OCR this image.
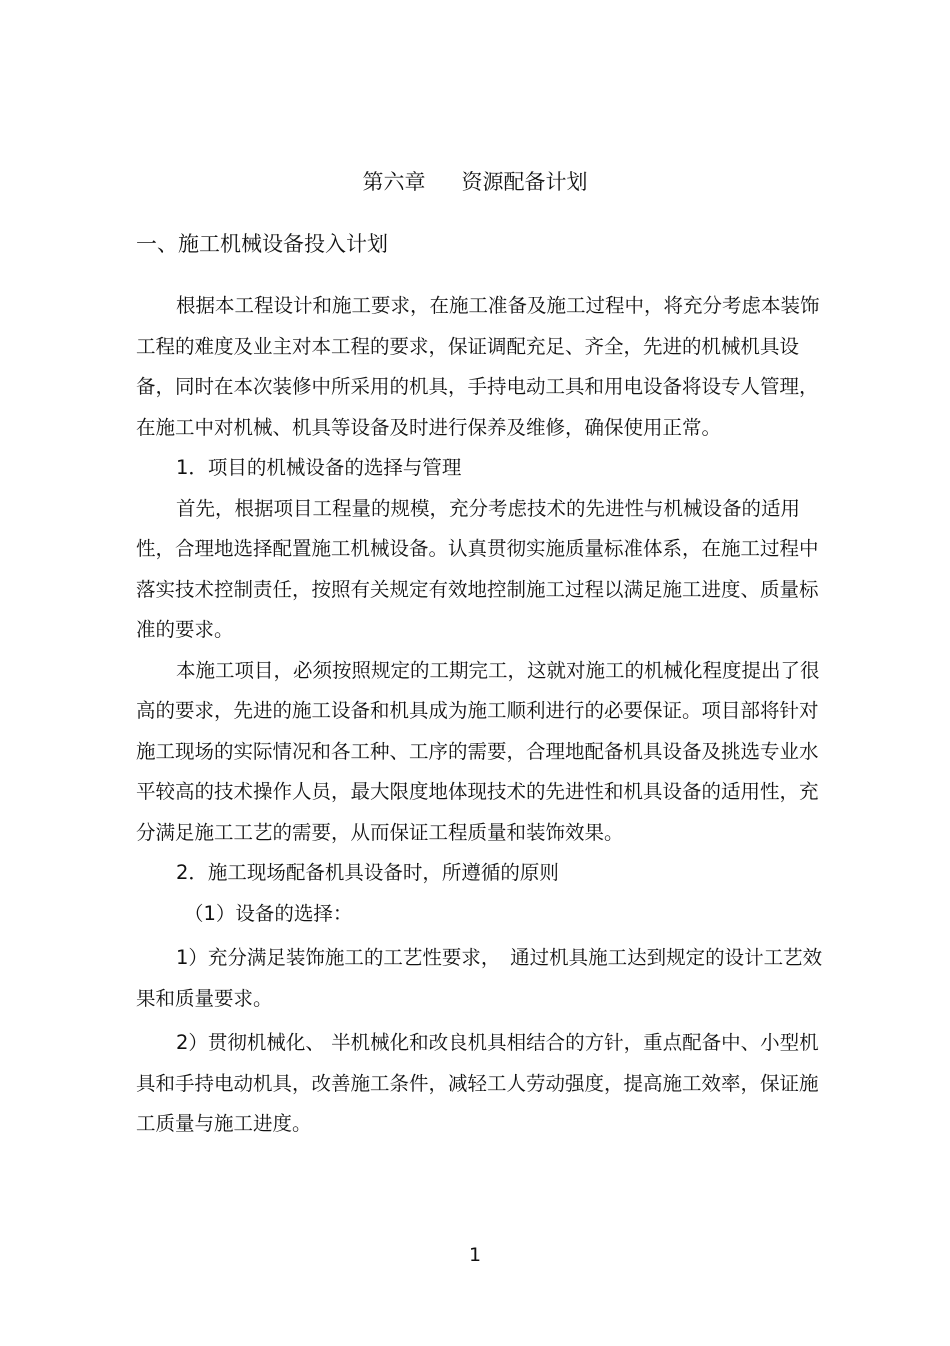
第六章 资源配备计划
一、施工机械设备投入计划

根据本工程设计和施工要求，在施工准备及施工过程中，将充分考虑本装饰工程的难度及业主对本工程的要求，保证调配充足、齐全，先进的机械机具设备，同时在本次装修中所采用的机具，手持电动工具和用电设备将设专人管理，在施工中对机械、机具等设备及时进行保养及维修，确保使用正常。

1．项目的机械设备的选择与管理

首先，根据项目工程量的规模，充分考虑技术的先进性与机械设备的适用性，合理地选择配置施工机械设备。认真贯彻实施质量标准体系，在施工过程中落实技术控制责任，按照有关规定有效地控制施工过程以满足施工进度、质量标准的要求。

本施工项目，必须按照规定的工期完工，这就对施工的机械化程度提出了很高的要求，先进的施工设备和机具成为施工顺利进行的必要保证。项目部将针对施工现场的实际情况和各工种、工序的需要，合理地配备机具设备及挑选专业水平较高的技术操作人员，最大限度地体现技术的先进性和机具设备的适用性，充分满足施工工艺的需要，从而保证工程质量和装饰效果。

2．施工现场配备机具设备时，所遵循的原则

（1）设备的选择：

1）充分满足装饰施工的工艺性要求，　通过机具施工达到规定的设计工艺效果和质量要求。

2）贯彻机械化、 半机械化和改良机具相结合的方针，重点配备中、小型机具和手持电动机具，改善施工条件，减轻工人劳动强度，提高施工效率，保证施工质量与施工进度。

1
